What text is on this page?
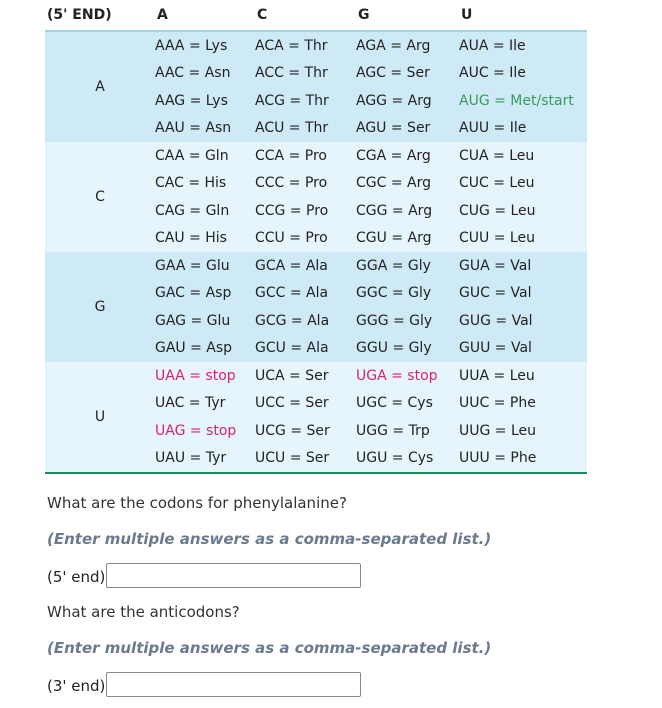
(5' END)	A	C	G	U
A	AAA = Lys	ACA = Thr	AGA = Arg	AUA = Ile
	AAC = Asn	ACC = Thr	AGC = Ser	AUC = Ile
	AAG = Lys	ACG = Thr	AGG = Arg	AUG = Met/start
	AAU = Asn	ACU = Thr	AGU = Ser	AUU = Ile
C	CAA = Gln	CCA = Pro	CGA = Arg	CUA = Leu
	CAC = His	CCC = Pro	CGC = Arg	CUC = Leu
	CAG = Gln	CCG = Pro	CGG = Arg	CUG = Leu
	CAU = His	CCU = Pro	CGU = Arg	CUU = Leu
G	GAA = Glu	GCA = Ala	GGA = Gly	GUA = Val
	GAC = Asp	GCC = Ala	GGC = Gly	GUC = Val
	GAG = Glu	GCG = Ala	GGG = Gly	GUG = Val
	GAU = Asp	GCU = Ala	GGU = Gly	GUU = Val
U	UAA = stop	UCA = Ser	UGA = stop	UUA = Leu
	UAC = Tyr	UCC = Ser	UGC = Cys	UUC = Phe
	UAG = stop	UCG = Ser	UGG = Trp	UUG = Leu
	UAU = Tyr	UCU = Ser	UGU = Cys	UUU = Phe
What are the codons for phenylalanine?
(Enter multiple answers as a comma-separated list.)
(5' end)
What are the anticodons?
(Enter multiple answers as a comma-separated list.)
(3' end)
